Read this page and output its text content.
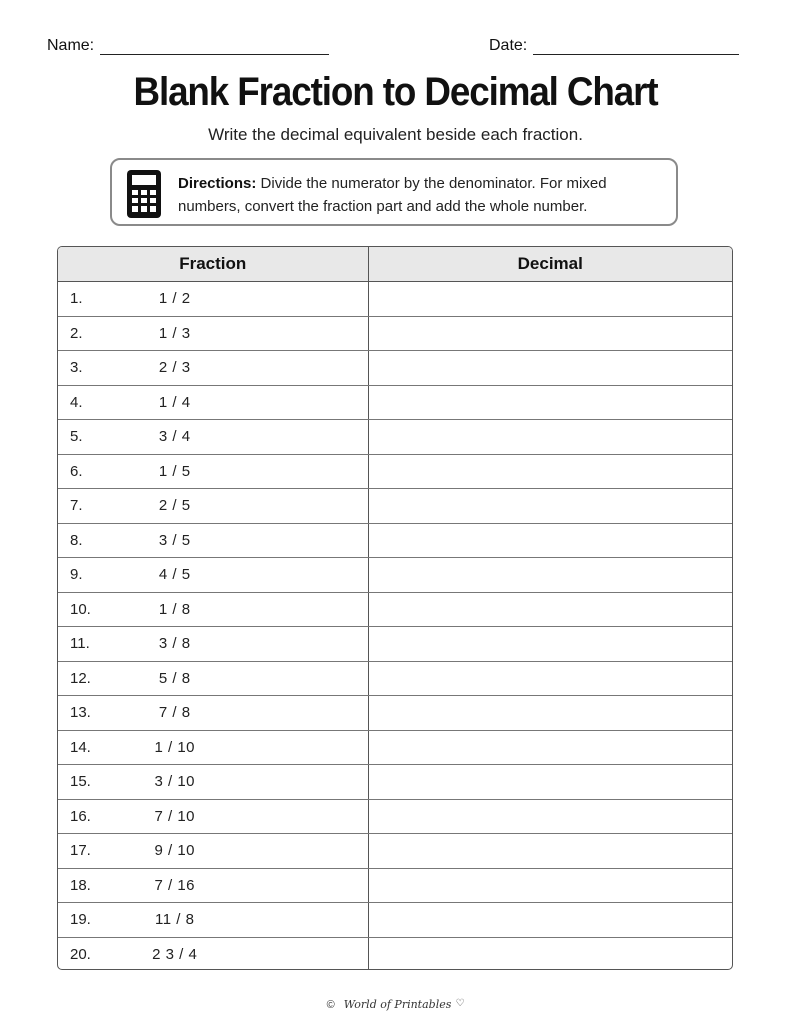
Name:	Date:
Blank Fraction to Decimal Chart
Write the decimal equivalent beside each fraction.
Directions: Divide the numerator by the denominator. For mixed numbers, convert the fraction part and add the whole number.
Fraction		Decimal
1.	1 / 2	
2.	1 / 3	
3.	2 / 3	
4.	1 / 4	
5.	3 / 4	
6.	1 / 5	
7.	2 / 5	
8.	3 / 5	
9.	4 / 5	
10.	1 / 8	
11.	3 / 8	
12.	5 / 8	
13.	7 / 8	
14.	1 / 10	
15.	3 / 10	
16.	7 / 10	
17.	9 / 10	
18.	7 / 16	
19.	11 / 8	
20.	2 3 / 4	
© World of Printables ♡
